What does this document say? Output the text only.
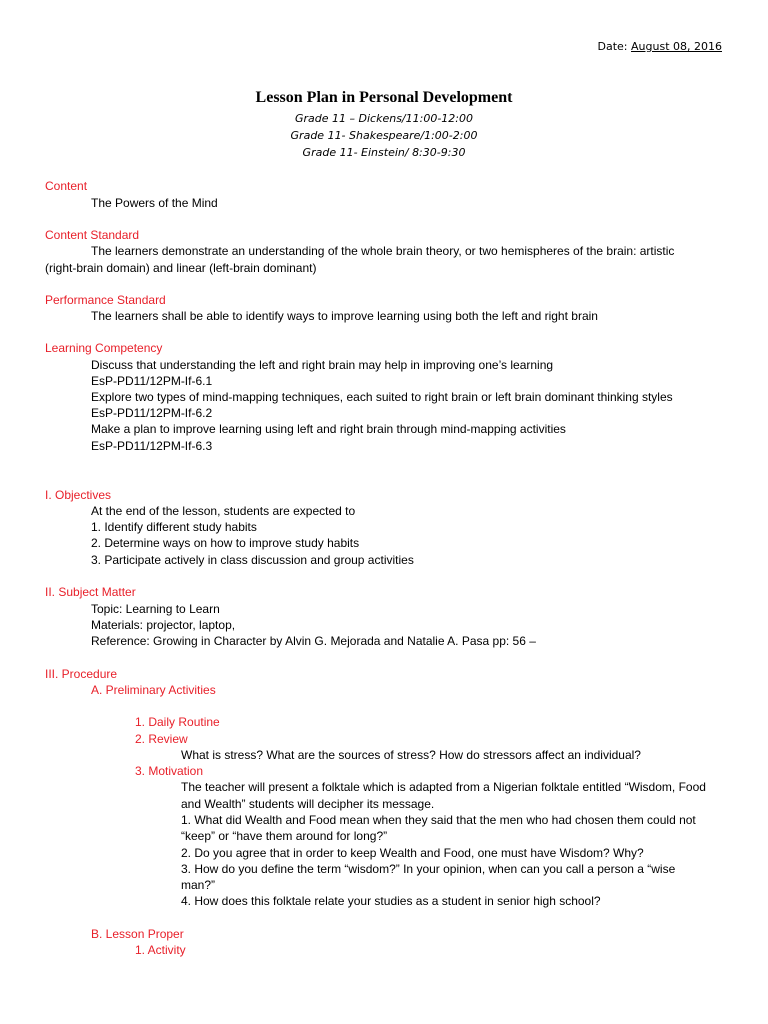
Date: August 08, 2016
Lesson Plan in Personal Development
Grade 11 – Dickens/11:00-12:00
Grade 11- Shakespeare/1:00-2:00
Grade 11- Einstein/ 8:30-9:30
Content
The Powers of the Mind
Content Standard
The learners demonstrate an understanding of the whole brain theory, or two hemispheres of the brain: artistic
(right-brain domain) and linear (left-brain dominant)
Performance Standard
The learners shall be able to identify ways to improve learning using both the left and right brain
Learning Competency
Discuss that understanding the left and right brain may help in improving one’s learning
EsP-PD11/12PM-If-6.1
Explore two types of mind-mapping techniques, each suited to right brain or left brain dominant thinking styles
EsP-PD11/12PM-If-6.2
Make a plan to improve learning using left and right brain through mind-mapping activities
EsP-PD11/12PM-If-6.3
I. Objectives
At the end of the lesson, students are expected to
1. Identify different study habits
2. Determine ways on how to improve study habits
3. Participate actively in class discussion and group activities
II. Subject Matter
Topic: Learning to Learn
Materials: projector, laptop,
Reference: Growing in Character by Alvin G. Mejorada and Natalie A. Pasa pp: 56 –
III. Procedure
A. Preliminary Activities
1. Daily Routine
2. Review
What is stress? What are the sources of stress? How do stressors affect an individual?
3. Motivation
The teacher will present a folktale which is adapted from a Nigerian folktale entitled “Wisdom, Food
and Wealth” students will decipher its message.
1. What did Wealth and Food mean when they said that the men who had chosen them could not
“keep” or “have them around for long?”
2. Do you agree that in order to keep Wealth and Food, one must have Wisdom? Why?
3. How do you define the term “wisdom?” In your opinion, when can you call a person a “wise
man?”
4. How does this folktale relate your studies as a student in senior high school?
B. Lesson Proper
1. Activity
